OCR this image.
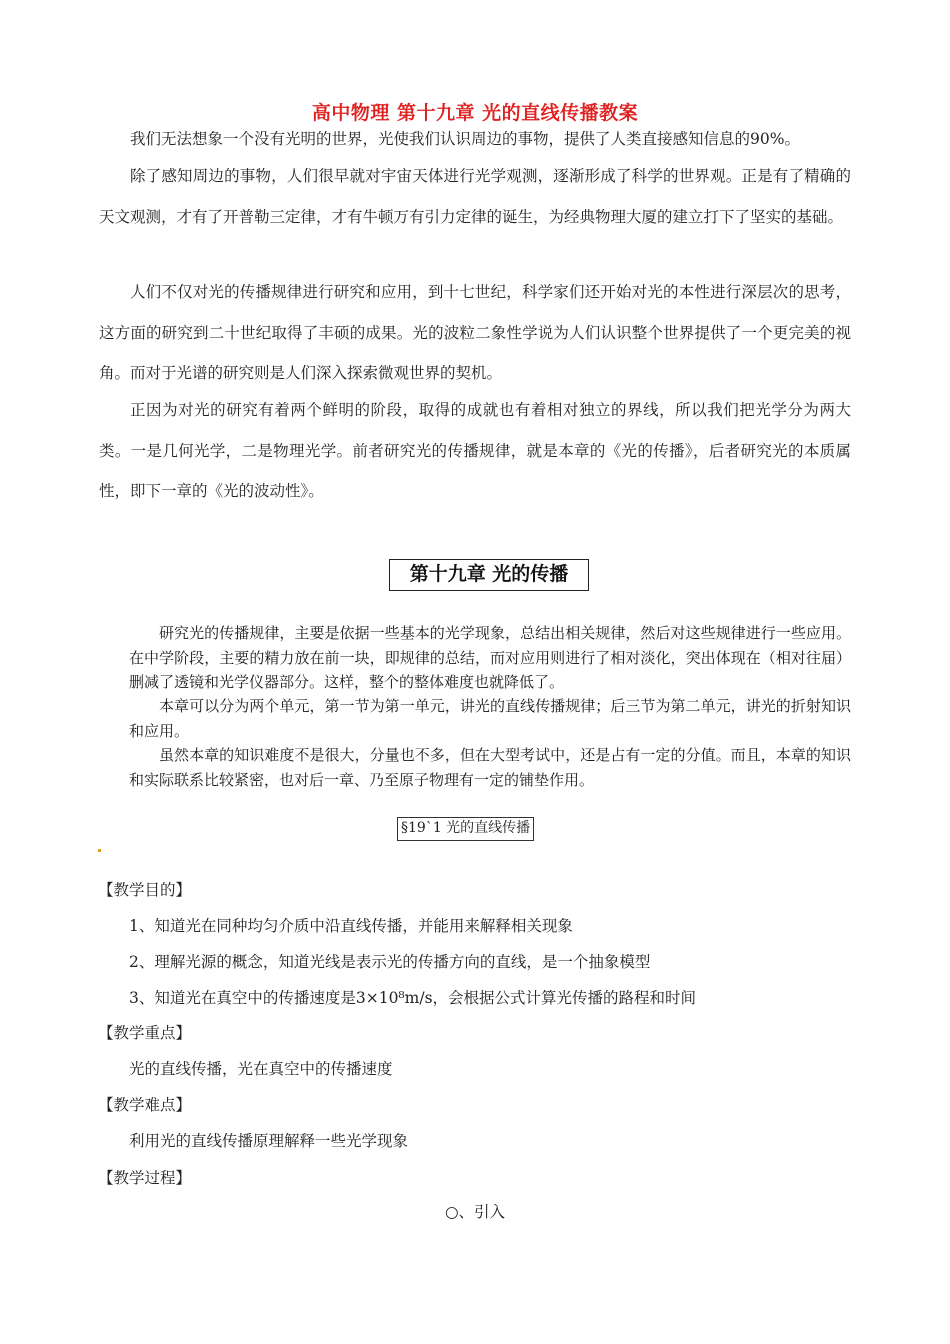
高中物理 第十九章 光的直线传播教案

我们无法想象一个没有光明的世界，光使我们认识周边的事物，提供了人类直接感知信息的90%。

除了感知周边的事物，人们很早就对宇宙天体进行光学观测，逐渐形成了科学的世界观。正是有了精确的天文观测，才有了开普勒三定律，才有牛顿万有引力定律的诞生，为经典物理大厦的建立打下了坚实的基础。

人们不仅对光的传播规律进行研究和应用，到十七世纪，科学家们还开始对光的本性进行深层次的思考，这方面的研究到二十世纪取得了丰硕的成果。光的波粒二象性学说为人们认识整个世界提供了一个更完美的视角。而对于光谱的研究则是人们深入探索微观世界的契机。

正因为对光的研究有着两个鲜明的阶段，取得的成就也有着相对独立的界线，所以我们把光学分为两大类。一是几何光学，二是物理光学。前者研究光的传播规律，就是本章的《光的传播》，后者研究光的本质属性，即下一章的《光的波动性》。

第十九章 光的传播

研究光的传播规律，主要是依据一些基本的光学现象，总结出相关规律，然后对这些规律进行一些应用。在中学阶段，主要的精力放在前一块，即规律的总结，而对应用则进行了相对淡化，突出体现在（相对往届）删减了透镜和光学仪器部分。这样，整个的整体难度也就降低了。

本章可以分为两个单元，第一节为第一单元，讲光的直线传播规律；后三节为第二单元，讲光的折射知识和应用。

虽然本章的知识难度不是很大，分量也不多，但在大型考试中，还是占有一定的分值。而且，本章的知识和实际联系比较紧密，也对后一章、乃至原子物理有一定的铺垫作用。

§19`1 光的直线传播

【教学目的】

1、知道光在同种均匀介质中沿直线传播，并能用来解释相关现象

2、理解光源的概念，知道光线是表示光的传播方向的直线，是一个抽象模型

3、知道光在真空中的传播速度是3×10⁸m/s，会根据公式计算光传播的路程和时间

【教学重点】

光的直线传播，光在真空中的传播速度

【教学难点】

利用光的直线传播原理解释一些光学现象

【教学过程】

○、引入
